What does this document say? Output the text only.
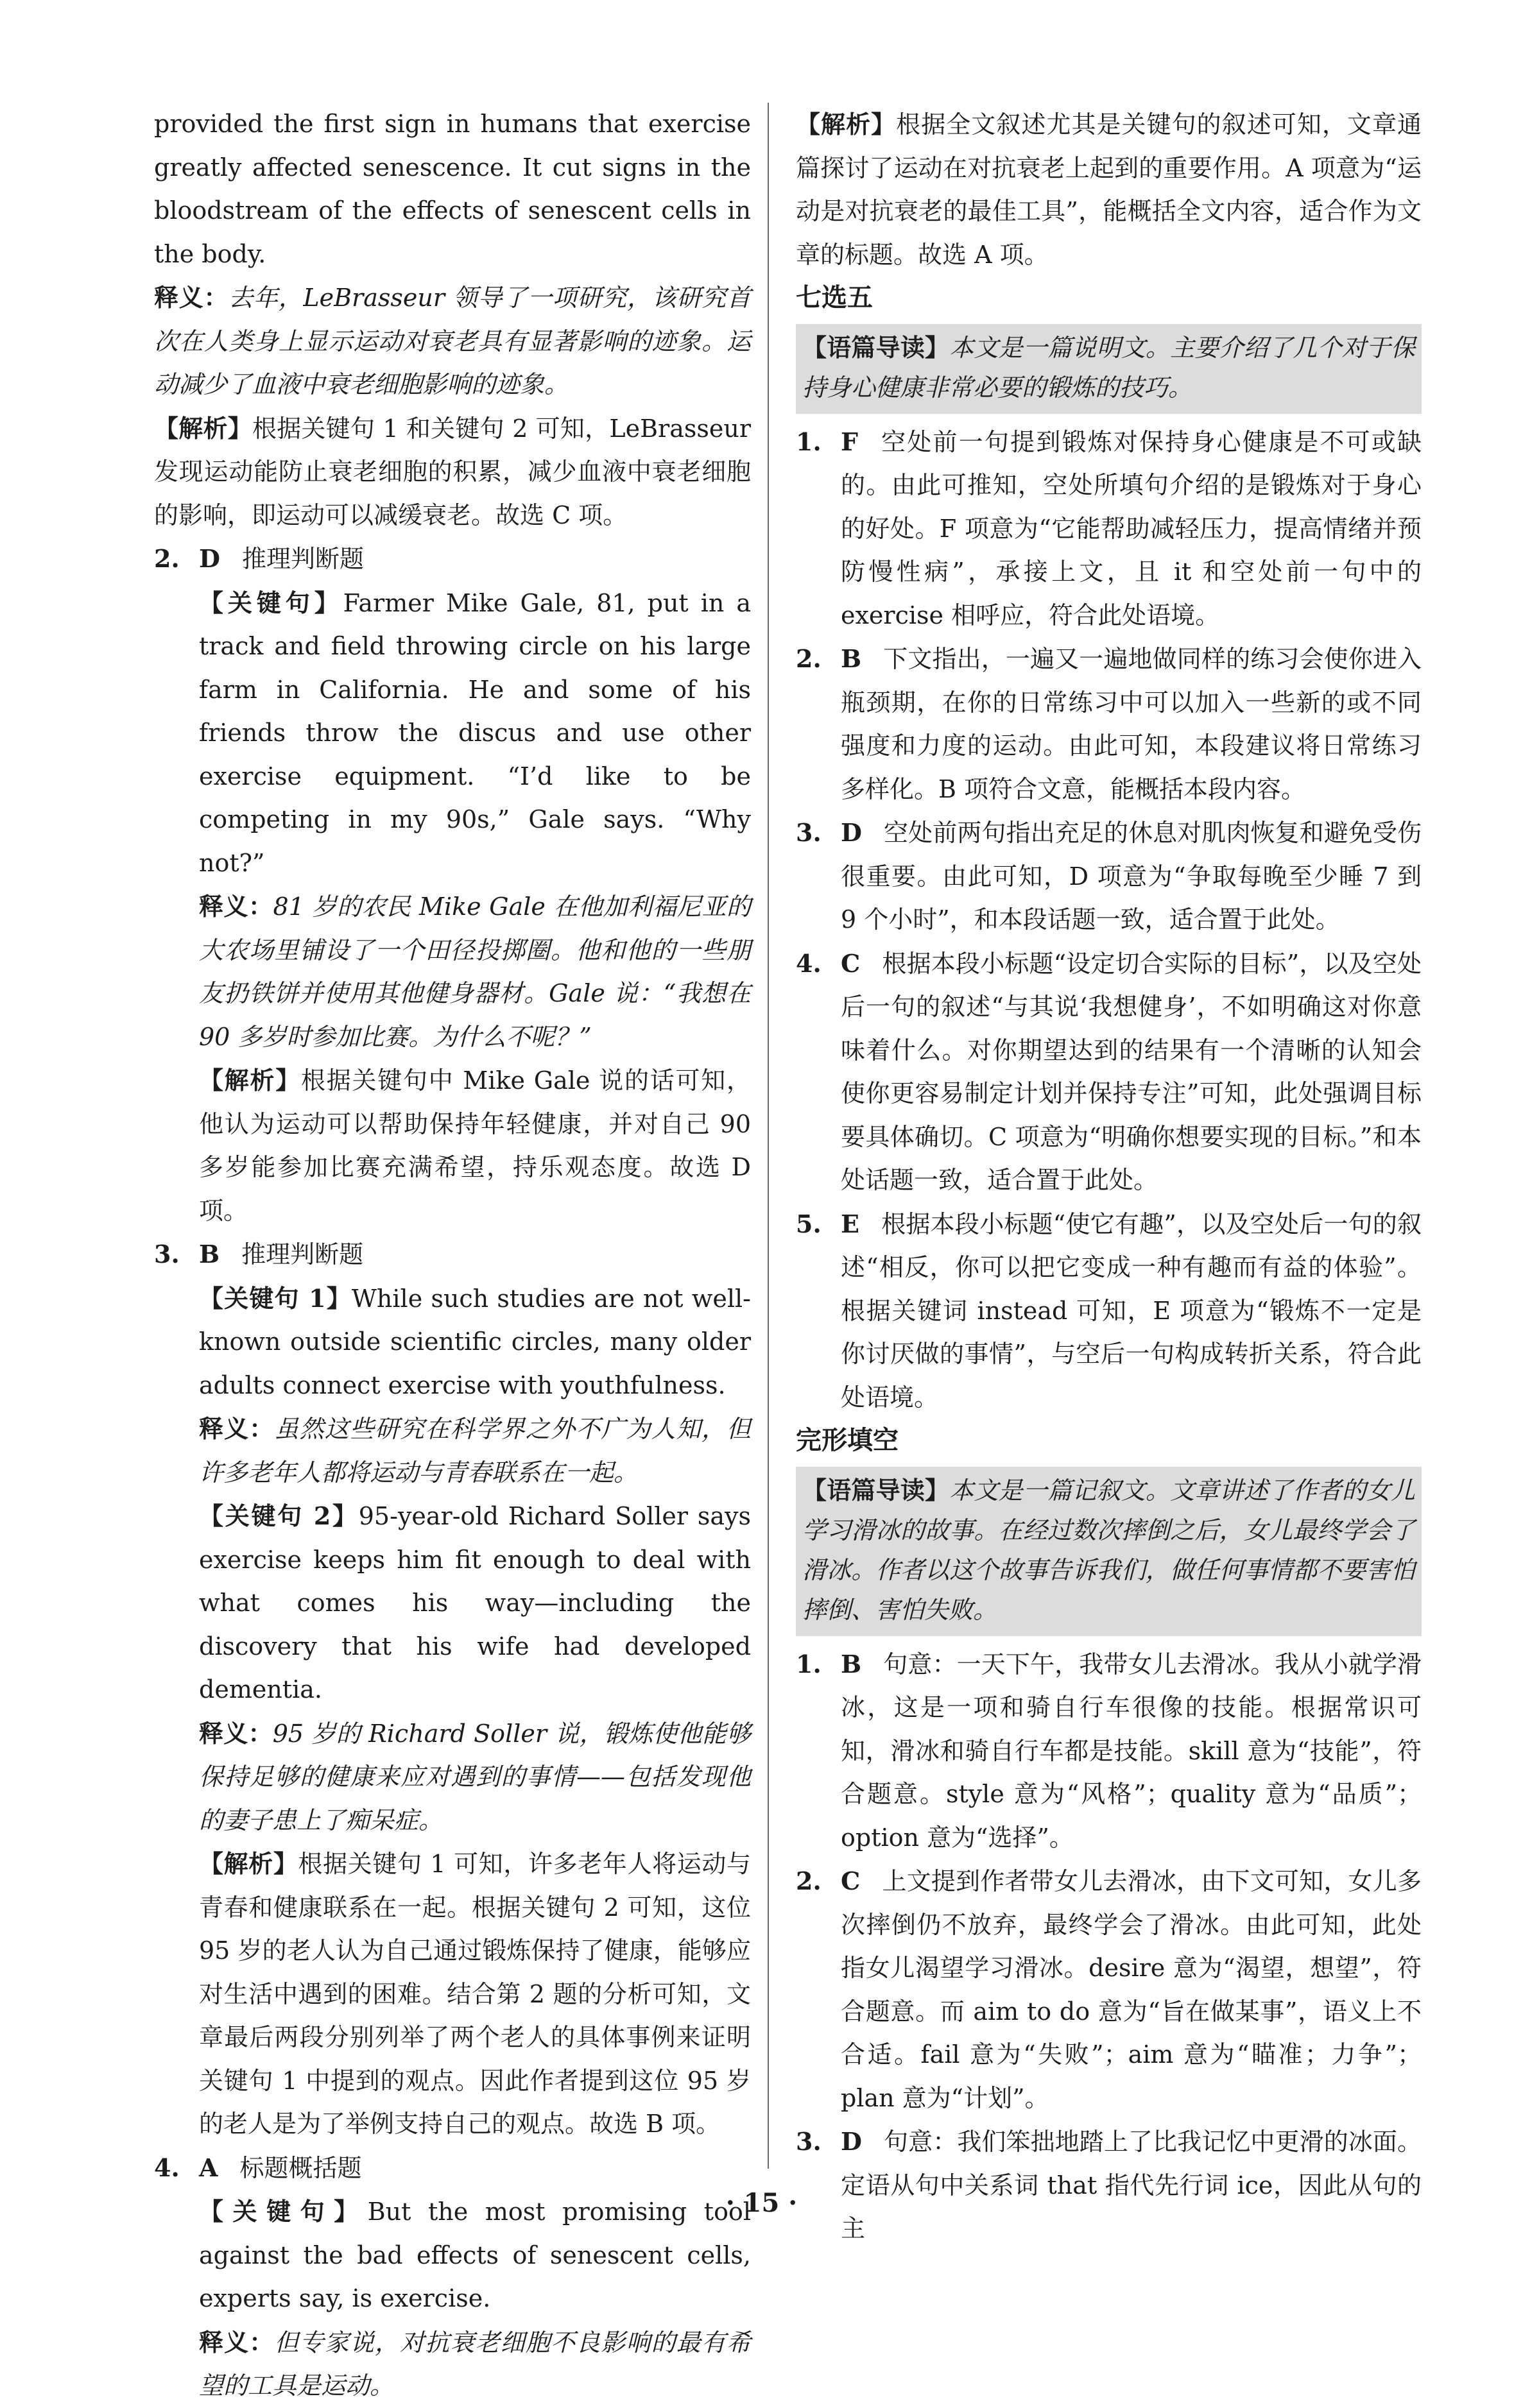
provided the first sign in humans that exercise greatly affected senescence. It cut signs in the bloodstream of the effects of senescent cells in the body.

释义：去年，LeBrasseur 领导了一项研究，该研究首次在人类身上显示运动对衰老具有显著影响的迹象。运动减少了血液中衰老细胞影响的迹象。

【解析】根据关键句 1 和关键句 2 可知，LeBrasseur 发现运动能防止衰老细胞的积累，减少血液中衰老细胞的影响，即运动可以减缓衰老。故选 C 项。

2. D 推理判断题

【关键句】Farmer Mike Gale, 81, put in a track and field throwing circle on his large farm in California. He and some of his friends throw the discus and use other exercise equipment. “I’d like to be competing in my 90s,” Gale says. “Why not?”

释义：81 岁的农民 Mike Gale 在他加利福尼亚的大农场里铺设了一个田径投掷圈。他和他的一些朋友扔铁饼并使用其他健身器材。Gale 说：“我想在 90 多岁时参加比赛。为什么不呢？”

【解析】根据关键句中 Mike Gale 说的话可知，他认为运动可以帮助保持年轻健康，并对自己 90 多岁能参加比赛充满希望，持乐观态度。故选 D 项。

3. B 推理判断题

【关键句 1】While such studies are not well-known outside scientific circles, many older adults connect exercise with youthfulness.

释义：虽然这些研究在科学界之外不广为人知，但许多老年人都将运动与青春联系在一起。

【关键句 2】95-year-old Richard Soller says exercise keeps him fit enough to deal with what comes his way—including the discovery that his wife had developed dementia.

释义：95 岁的 Richard Soller 说，锻炼使他能够保持足够的健康来应对遇到的事情——包括发现他的妻子患上了痴呆症。

【解析】根据关键句 1 可知，许多老年人将运动与青春和健康联系在一起。根据关键句 2 可知，这位 95 岁的老人认为自己通过锻炼保持了健康，能够应对生活中遇到的困难。结合第 2 题的分析可知，文章最后两段分别列举了两个老人的具体事例来证明关键句 1 中提到的观点。因此作者提到这位 95 岁的老人是为了举例支持自己的观点。故选 B 项。

4. A 标题概括题

【关键句】But the most promising tool against the bad effects of senescent cells, experts say, is exercise.

释义：但专家说，对抗衰老细胞不良影响的最有希望的工具是运动。

【解析】根据全文叙述尤其是关键句的叙述可知，文章通篇探讨了运动在对抗衰老上起到的重要作用。A 项意为“运动是对抗衰老的最佳工具”，能概括全文内容，适合作为文章的标题。故选 A 项。

七选五

【语篇导读】本文是一篇说明文。主要介绍了几个对于保持身心健康非常必要的锻炼的技巧。

1. F 空处前一句提到锻炼对保持身心健康是不可或缺的。由此可推知，空处所填句介绍的是锻炼对于身心的好处。F 项意为“它能帮助减轻压力，提高情绪并预防慢性病”，承接上文，且 it 和空处前一句中的 exercise 相呼应，符合此处语境。

2. B 下文指出，一遍又一遍地做同样的练习会使你进入瓶颈期，在你的日常练习中可以加入一些新的或不同强度和力度的运动。由此可知，本段建议将日常练习多样化。B 项符合文意，能概括本段内容。

3. D 空处前两句指出充足的休息对肌肉恢复和避免受伤很重要。由此可知，D 项意为“争取每晚至少睡 7 到 9 个小时”，和本段话题一致，适合置于此处。

4. C 根据本段小标题“设定切合实际的目标”，以及空处后一句的叙述“与其说‘我想健身’，不如明确这对你意味着什么。对你期望达到的结果有一个清晰的认知会使你更容易制定计划并保持专注”可知，此处强调目标要具体确切。C 项意为“明确你想要实现的目标。”和本处话题一致，适合置于此处。

5. E 根据本段小标题“使它有趣”，以及空处后一句的叙述“相反，你可以把它变成一种有趣而有益的体验”。根据关键词 instead 可知，E 项意为“锻炼不一定是你讨厌做的事情”，与空后一句构成转折关系，符合此处语境。

完形填空

【语篇导读】本文是一篇记叙文。文章讲述了作者的女儿学习滑冰的故事。在经过数次摔倒之后，女儿最终学会了滑冰。作者以这个故事告诉我们，做任何事情都不要害怕摔倒、害怕失败。

1. B 句意：一天下午，我带女儿去滑冰。我从小就学滑冰，这是一项和骑自行车很像的技能。根据常识可知，滑冰和骑自行车都是技能。skill 意为“技能”，符合题意。style 意为“风格”；quality 意为“品质”；option 意为“选择”。

2. C 上文提到作者带女儿去滑冰，由下文可知，女儿多次摔倒仍不放弃，最终学会了滑冰。由此可知，此处指女儿渴望学习滑冰。desire 意为“渴望，想望”，符合题意。而 aim to do 意为“旨在做某事”，语义上不合适。fail 意为“失败”；aim 意为“瞄准；力争”；plan 意为“计划”。

3. D 句意：我们笨拙地踏上了比我记忆中更滑的冰面。定语从句中关系词 that 指代先行词 ice，因此从句的主

· 15 ·
